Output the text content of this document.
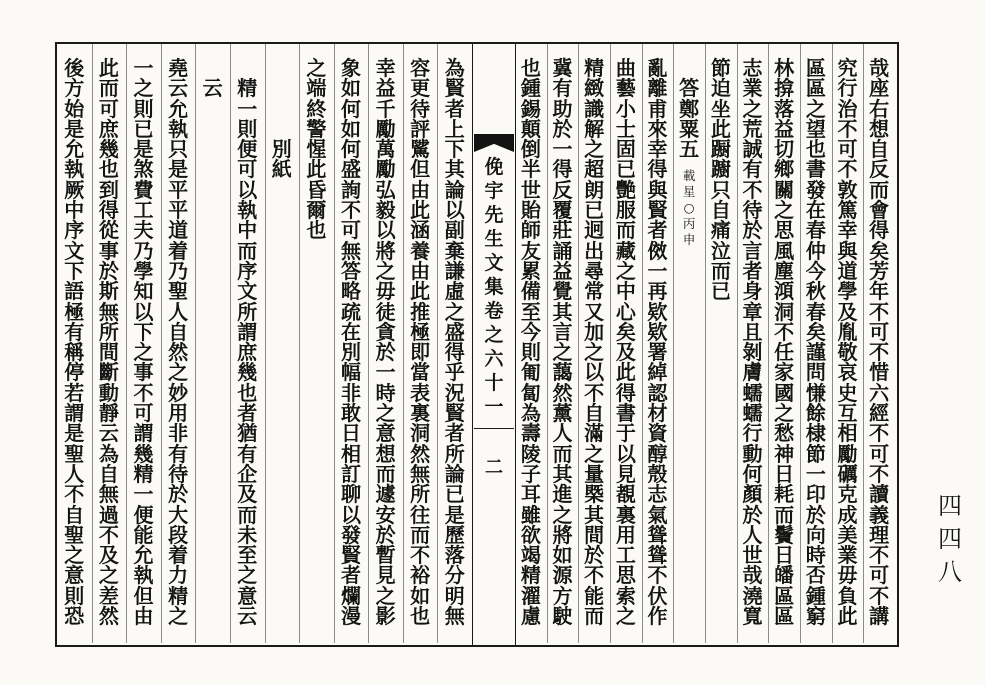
四
四
八
哉
座
右
想
自
反
而
會
得
矣
芳
年
不
可
不
惜
六
經
不
可
不
讀
義
理
不
可
不
講
究
行
治
不
可
不
敦
篤
幸
與
道
學
及
胤
敬
哀
史
互
相
勵
礪
克
成
美
業
毋
負
此
區
區
之
望
也
書
發
在
春
仲
今
秋
春
矣
謹
問
慊
餘
棣
節
一
印
於
向
時
否
鍾
窮
林
揜
落
益
切
鄉
關
之
思
風
塵
澒
洞
不
任
家
國
之
愁
神
日
耗
而
鬢
日
皤
區
區
志
業
之
荒
誠
有
不
待
於
言
者
身
章
且
剝
膚
蠕
蠕
行
動
何
顏
於
人
世
哉
澆
寬
節
迫
坐
此
蹰
躕
只
自
痛
泣
而
已
答
鄭
粟
五
載
星
○
丙
申
亂
離
甫
來
幸
得
與
賢
者
傚
一
再
欵
欵
署
綽
認
材
資
醇
殼
志
氣
聳
聳
不
伏
作
曲
藝
小
士
固
已
艷
服
而
藏
之
中
心
矣
及
此
得
書
于
以
見
覩
裏
用
工
思
索
之
精
緻
識
解
之
超
朗
已
迥
出
尋
常
又
加
之
以
不
自
滿
之
量
槩
其
間
於
不
能
而
冀
有
助
於
一
得
反
覆
莊
誦
益
覺
其
言
之
藹
然
薰
人
而
其
進
之
將
如
源
方
駛
也
鍾
錫
顛
倒
半
世
貽
師
友
累
備
至
今
則
匍
匐
為
壽
陵
子
耳
雖
欲
竭
精
濯
慮
俛
宇
先
生
文
集
卷
之
六
十
一
二
為
賢
者
上
下
其
論
以
副
棄
謙
虛
之
盛
得
乎
況
賢
者
所
論
已
是
歷
落
分
明
無
容
更
待
評
騭
但
由
此
涵
養
由
此
推
極
即
當
表
裏
洞
然
無
所
往
而
不
裕
如
也
幸
益
千
勵
萬
勵
弘
毅
以
將
之
毋
徒
貪
於
一
時
之
意
想
而
遽
安
於
暫
見
之
影
象
如
何
如
何
盛
詢
不
可
無
答
略
疏
在
別
幅
非
敢
日
相
訂
聊
以
發
賢
者
爛
漫
之
端
終
警
惺
此
昏
爾
也
別
紙
精
一
則
便
可
以
執
中
而
序
文
所
謂
庶
幾
也
者
猶
有
企
及
而
未
至
之
意
云
云
堯
云
允
執
只
是
平
平
道
着
乃
聖
人
自
然
之
妙
用
非
有
待
於
大
段
着
力
精
之
一
之
則
已
是
煞
費
工
夫
乃
學
知
以
下
之
事
不
可
謂
幾
精
一
便
能
允
執
但
由
此
而
可
庶
幾
也
到
得
從
事
於
斯
無
所
間
斷
動
靜
云
為
自
無
過
不
及
之
差
然
後
方
始
是
允
執
厥
中
序
文
下
語
極
有
稱
停
若
謂
是
聖
人
不
自
聖
之
意
則
恐
